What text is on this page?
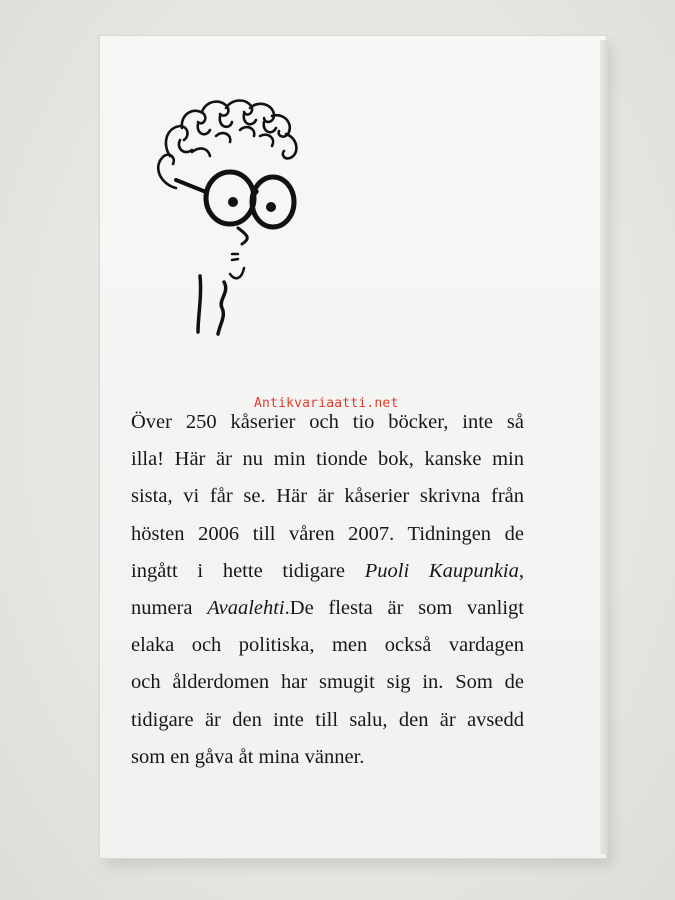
Antikvariaatti.net
Över 250 kåserier och tio böcker, inte så
illa! Här är nu min tionde bok, kanske min
sista, vi får se. Här är kåserier skrivna från
hösten 2006 till våren 2007. Tidningen de
ingått i hette tidigare Puoli Kaupunkia,
numera Avaalehti.De flesta är som vanligt
elaka och politiska, men också vardagen
och ålderdomen har smugit sig in. Som de
tidigare är den inte till salu, den är avsedd
som en gåva åt mina vänner.
